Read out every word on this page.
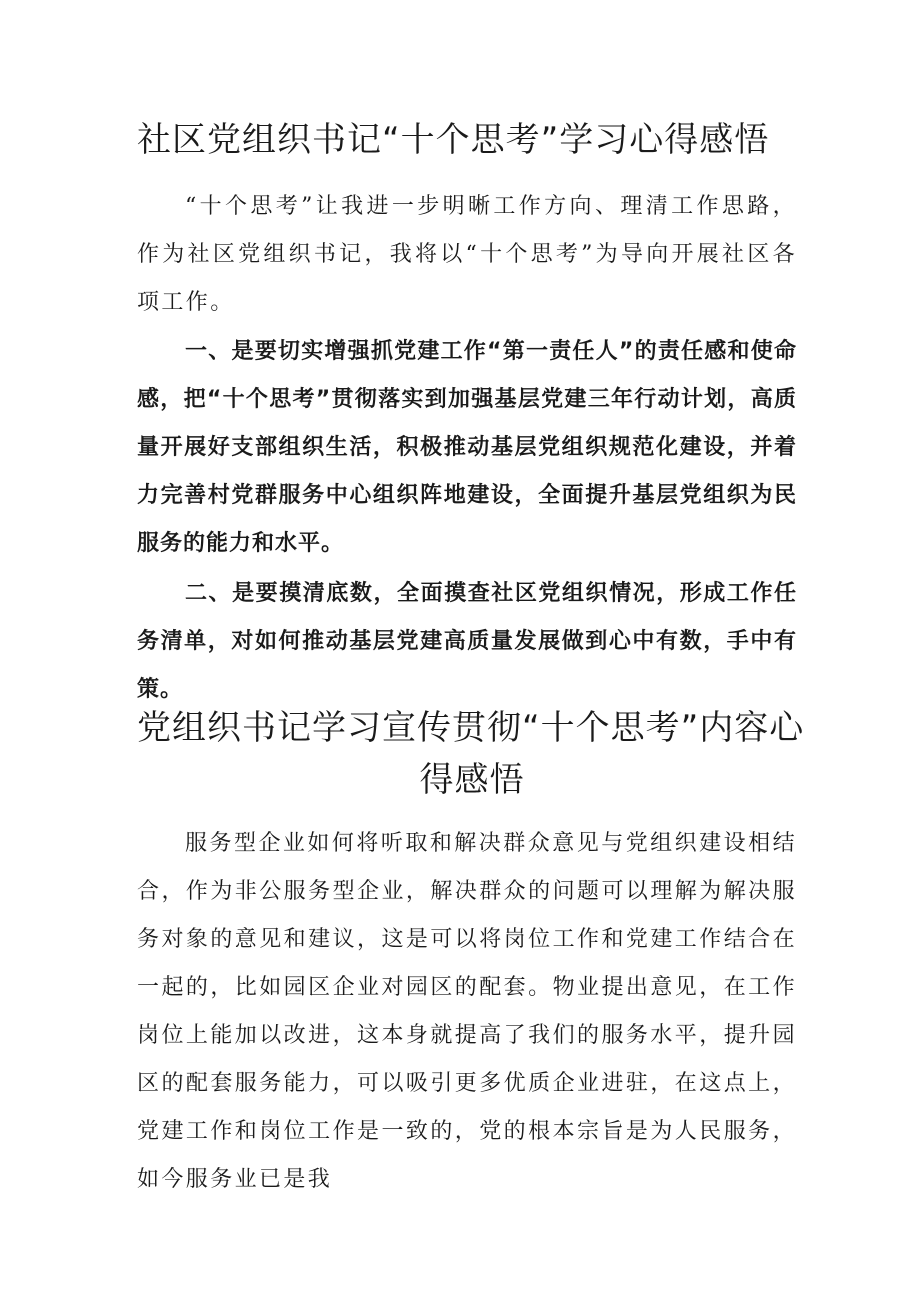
社区党组织书记“十个思考”学习心得感悟

“十个思考”让我进一步明晰工作方向、理清工作思路，作为社区党组织书记，我将以“十个思考”为导向开展社区各项工作。

一、是要切实增强抓党建工作“第一责任人”的责任感和使命感，把“十个思考”贯彻落实到加强基层党建三年行动计划，高质量开展好支部组织生活，积极推动基层党组织规范化建设，并着力完善村党群服务中心组织阵地建设，全面提升基层党组织为民服务的能力和水平。

二、是要摸清底数，全面摸查社区党组织情况，形成工作任务清单，对如何推动基层党建高质量发展做到心中有数，手中有策。

党组织书记学习宣传贯彻“十个思考”内容心
得感悟

服务型企业如何将听取和解决群众意见与党组织建设相结合，作为非公服务型企业，解决群众的问题可以理解为解决服务对象的意见和建议，这是可以将岗位工作和党建工作结合在一起的，比如园区企业对园区的配套。物业提出意见，在工作岗位上能加以改进，这本身就提高了我们的服务水平，提升园区的配套服务能力，可以吸引更多优质企业进驻，在这点上，党建工作和岗位工作是一致的，党的根本宗旨是为人民服务，如今服务业已是我
